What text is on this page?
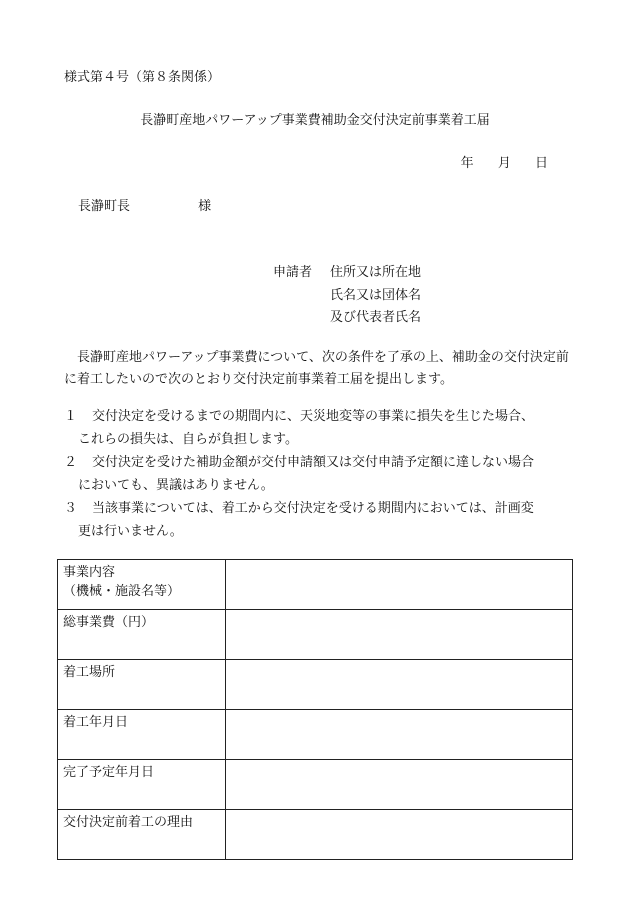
様式第４号（第８条関係）
長瀞町産地パワーアップ事業費補助金交付決定前事業着工届
年 月 日
長瀞町長	様
申請者 住所又は所在地
氏名又は団体名
及び代表者氏名
長瀞町産地パワーアップ事業費について、次の条件を了承の上、補助金の交付決定前に着工したいので次のとおり交付決定前事業着工届を提出します。
１ 交付決定を受けるまでの期間内に、天災地変等の事業に損失を生じた場合、
これらの損失は、自らが負担します。
２ 交付決定を受けた補助金額が交付申請額又は交付申請予定額に達しない場合
においても、異議はありません。
３ 当該事業については、着工から交付決定を受ける期間内においては、計画変
更は行いません。
事業内容
（機械・施設名等）	

総事業費（円）	
着工場所	
着工年月日	
完了予定年月日	
交付決定前着工の理由	
